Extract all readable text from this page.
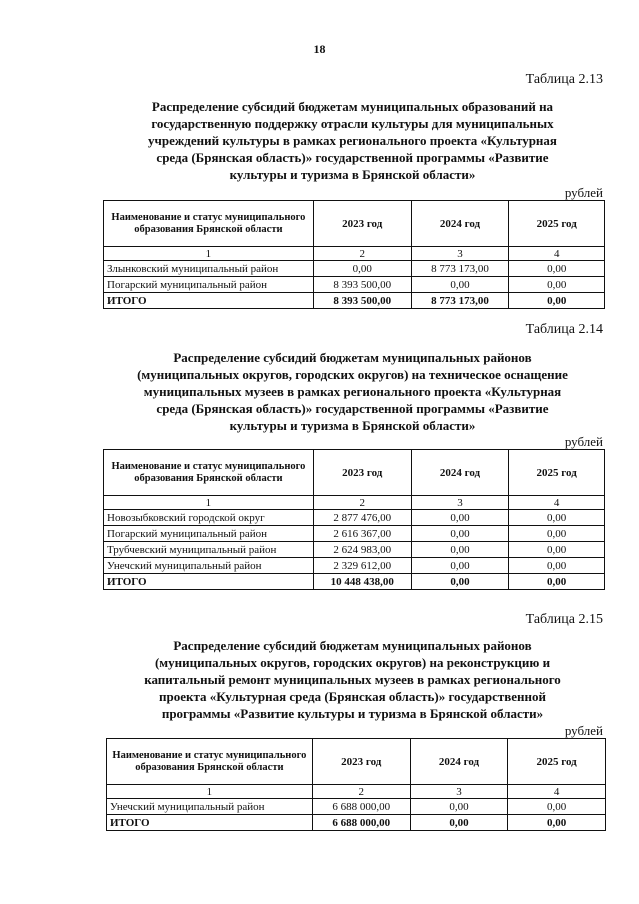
18
Таблица 2.13
Распределение субсидий бюджетам муниципальных образований на
государственную поддержку отрасли культуры для муниципальных
учреждений культуры в рамках регионального проекта «Культурная
среда (Брянская область)» государственной программы «Развитие
культуры и туризма в Брянской области»
рублей
Наименование и статус муниципального образования Брянской области	2023 год	2024 год	2025 год
1	2	3	4
Злынковский муниципальный район	0,00	8 773 173,00	0,00
Погарский муниципальный район	8 393 500,00	0,00	0,00
ИТОГО	8 393 500,00	8 773 173,00	0,00
Таблица 2.14
Распределение субсидий бюджетам муниципальных районов
(муниципальных округов, городских округов) на техническое оснащение
муниципальных музеев в рамках регионального проекта «Культурная
среда (Брянская область)» государственной программы «Развитие
культуры и туризма в Брянской области»
рублей
Наименование и статус муниципального образования Брянской области	2023 год	2024 год	2025 год
1	2	3	4
Новозыбковский городской округ	2 877 476,00	0,00	0,00
Погарский муниципальный район	2 616 367,00	0,00	0,00
Трубчевский муниципальный район	2 624 983,00	0,00	0,00
Унечский муниципальный район	2 329 612,00	0,00	0,00
ИТОГО	10 448 438,00	0,00	0,00
Таблица 2.15
Распределение субсидий бюджетам муниципальных районов
(муниципальных округов, городских округов) на реконструкцию и
капитальный ремонт муниципальных музеев в рамках регионального
проекта «Культурная среда (Брянская область)» государственной
программы «Развитие культуры и туризма в Брянской области»
рублей
Наименование и статус муниципального образования Брянской области	2023 год	2024 год	2025 год
1	2	3	4
Унечский муниципальный район	6 688 000,00	0,00	0,00
ИТОГО	6 688 000,00	0,00	0,00
